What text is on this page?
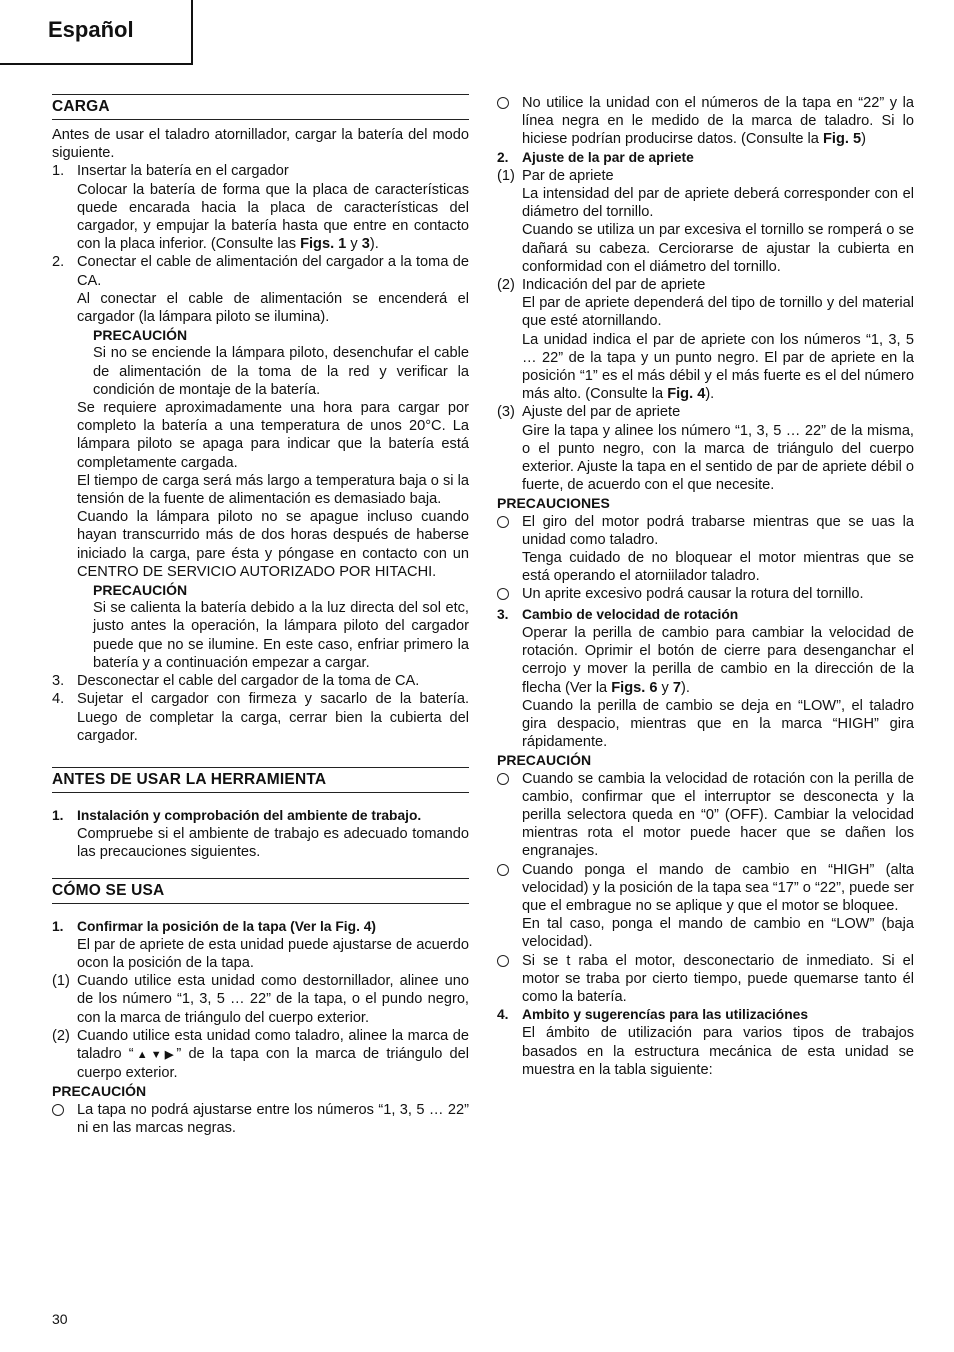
Español
CARGA

Antes de usar el taladro atornillador, cargar la batería del modo siguiente.

1. Insertar la batería en el cargador
Colocar la batería de forma que la placa de características quede encarada hacia la placa de características del cargador, y empujar la batería hasta que entre en contacto con la placa inferior. (Consulte las Figs. 1 y 3).
2. Conectar el cable de alimentación del cargador a la toma de CA.
Al conectar el cable de alimentación se encenderá el cargador (la lámpara piloto se ilumina).
PRECAUCIÓN
Si no se enciende la lámpara piloto, desenchufar el cable de alimentación de la toma de la red y verificar la condición de montaje de la batería.
Se requiere aproximadamente una hora para cargar por completo la batería a una temperatura de unos 20°C. La lámpara piloto se apaga para indicar que la batería está completamente cargada.
El tiempo de carga será más largo a temperatura baja o si la tensión de la fuente de alimentación es demasiado baja.
Cuando la lámpara piloto no se apague incluso cuando hayan transcurrido más de dos horas después de haberse iniciado la carga, pare ésta y póngase en contacto con un CENTRO DE SERVICIO AUTORIZADO POR HITACHI.
PRECAUCIÓN
Si se calienta la batería debido a la luz directa del sol etc, justo antes la operación, la lámpara piloto del cargador puede que no se ilumine. En este caso, enfriar primero la batería y a continuación empezar a cargar.
3. Desconectar el cable del cargador de la toma de CA.
4. Sujetar el cargador con firmeza y sacarlo de la batería. Luego de completar la carga, cerrar bien la cubierta del cargador.
ANTES DE USAR LA HERRAMIENTA
1. Instalación y comprobación del ambiente de trabajo.
Compruebe si el ambiente de trabajo es adecuado tomando las precauciones siguientes.
CÓMO SE USA
1. Confirmar la posición de la tapa (Ver la Fig. 4)
El par de apriete de esta unidad puede ajustarse de acuerdo ocon la posición de la tapa.
(1) Cuando utilice esta unidad como destornillador, alinee uno de los número “1, 3, 5 … 22” de la tapa, o el pundo negro, con la marca de triángulo del cuerpo exterior.
(2) Cuando utilice esta unidad como taladro, alinee la marca de taladro “▲▼▶” de la tapa con la marca de triángulo del cuerpo exterior.
PRECAUCIÓN
La tapa no podrá ajustarse entre los números “1, 3, 5 … 22” ni en las marcas negras.
No utilice la unidad con el números de la tapa en “22” y la línea negra en le medido de la marca de taladro. Si lo hiciese podrían producirse datos. (Consulte la Fig. 5)
2. Ajuste de la par de apriete
(1) Par de apriete
La intensidad del par de apriete deberá corresponder con el diámetro del tornillo.
Cuando se utiliza un par excesiva el tornillo se romperá o se dañará su cabeza. Cerciorarse de ajustar la cubierta en conformidad con el diámetro del tornillo.
(2) Indicación del par de apriete
El par de apriete dependerá del tipo de tornillo y del material que esté atornillando.
La unidad indica el par de apriete con los números “1, 3, 5 … 22” de la tapa y un punto negro. El par de apriete en la posición “1” es el más débil y el más fuerte es el del número más alto. (Consulte la Fig. 4).
(3) Ajuste del par de apriete
Gire la tapa y alinee los número “1, 3, 5 … 22” de la misma, o el punto negro, con la marca de triángulo del cuerpo exterior. Ajuste la tapa en el sentido de par de apriete débil o fuerte, de acuerdo con el que necesite.
PRECAUCIONES
El giro del motor podrá trabarse mientras que se uas la unidad como taladro.
Tenga cuidado de no bloquear el motor mientras que se está operando el atorniilador taladro.
Un aprite excesivo podrá causar la rotura del tornillo.
3. Cambio de velocidad de rotación
Operar la perilla de cambio para cambiar la velocidad de rotación. Oprimir el botón de cierre para desenganchar el cerrojo y mover la perilla de cambio en la dirección de la flecha (Ver la Figs. 6 y 7).
Cuando la perilla de cambio se deja en “LOW”, el taladro gira despacio, mientras que en la marca “HIGH” gira rápidamente.
PRECAUCIÓN
Cuando se cambia la velocidad de rotación con la perilla de cambio, confirmar que el interruptor se desconecta y la perilla selectora queda en “0” (OFF). Cambiar la velocidad mientras rota el motor puede hacer que se dañen los engranajes.
Cuando ponga el mando de cambio en “HIGH” (alta velocidad) y la posición de la tapa sea “17” o “22”, puede ser que el embrague no se aplique y que el motor se bloquee.
En tal caso, ponga el mando de cambio en “LOW” (baja velocidad).
Si se t raba el motor, desconectario de inmediato. Si el motor se traba por cierto tiempo, puede quemarse tanto él como la batería.
4. Ambito y sugerencías para las utilizaciónes
El ámbito de utilización para varios tipos de trabajos basados en la estructura mecánica de esta unidad se muestra en la tabla siguiente:
30
